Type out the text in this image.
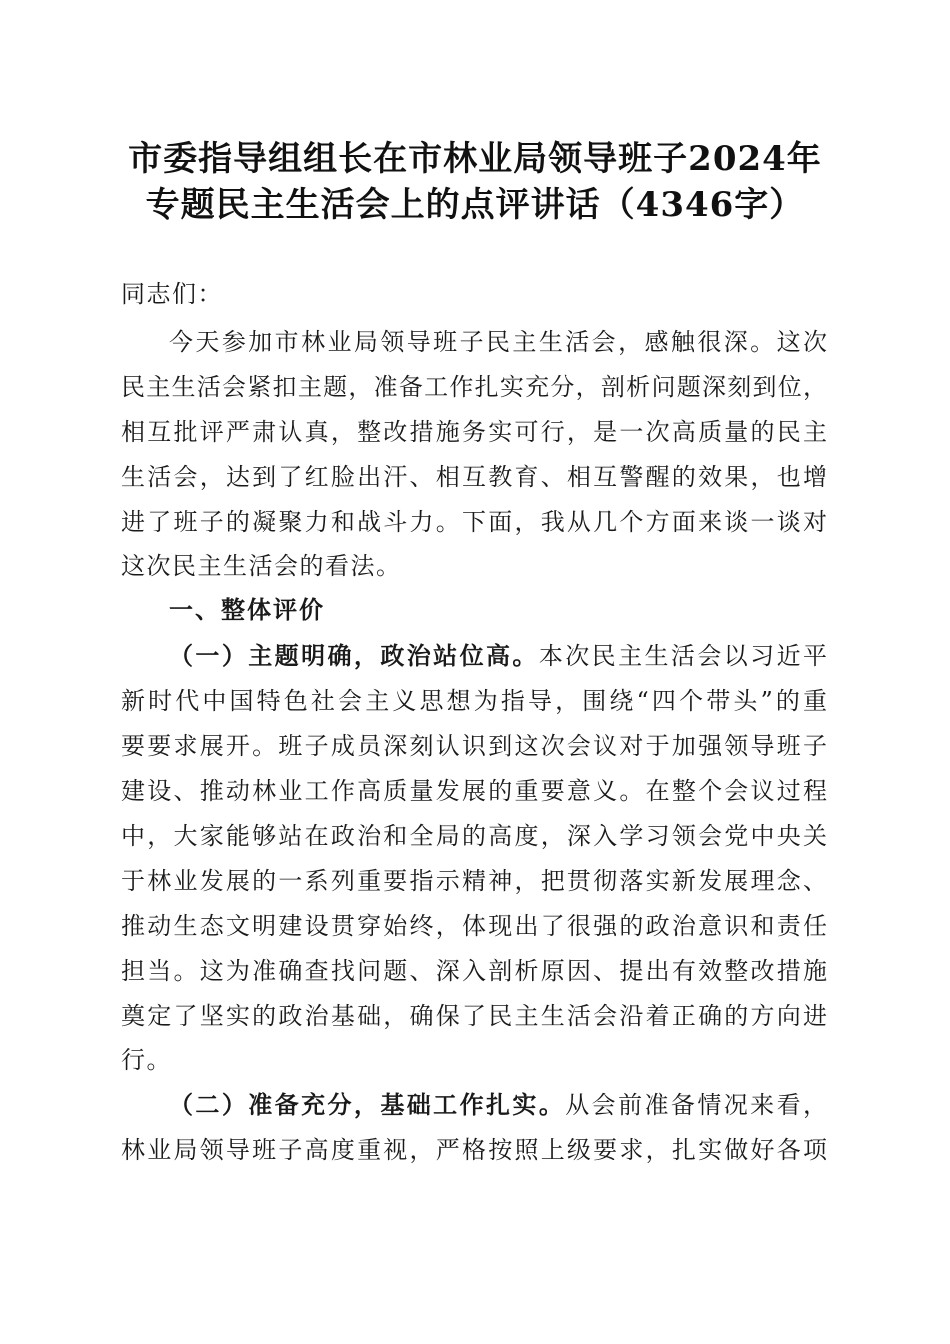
市委指导组组长在市林业局领导班子2024年
专题民主生活会上的点评讲话（4346字）
同志们：
今天参加市林业局领导班子民主生活会，感触很深。这次
民主生活会紧扣主题，准备工作扎实充分，剖析问题深刻到位，
相互批评严肃认真，整改措施务实可行，是一次高质量的民主
生活会，达到了红脸出汗、相互教育、相互警醒的效果，也增
进了班子的凝聚力和战斗力。下面，我从几个方面来谈一谈对
这次民主生活会的看法。
一、整体评价
（一）主题明确，政治站位高。本次民主生活会以习近平
新时代中国特色社会主义思想为指导，围绕“四个带头”的重
要要求展开。班子成员深刻认识到这次会议对于加强领导班子
建设、推动林业工作高质量发展的重要意义。在整个会议过程
中，大家能够站在政治和全局的高度，深入学习领会党中央关
于林业发展的一系列重要指示精神，把贯彻落实新发展理念、
推动生态文明建设贯穿始终，体现出了很强的政治意识和责任
担当。这为准确查找问题、深入剖析原因、提出有效整改措施
奠定了坚实的政治基础，确保了民主生活会沿着正确的方向进
行。
（二）准备充分，基础工作扎实。从会前准备情况来看，
林业局领导班子高度重视，严格按照上级要求，扎实做好各项
